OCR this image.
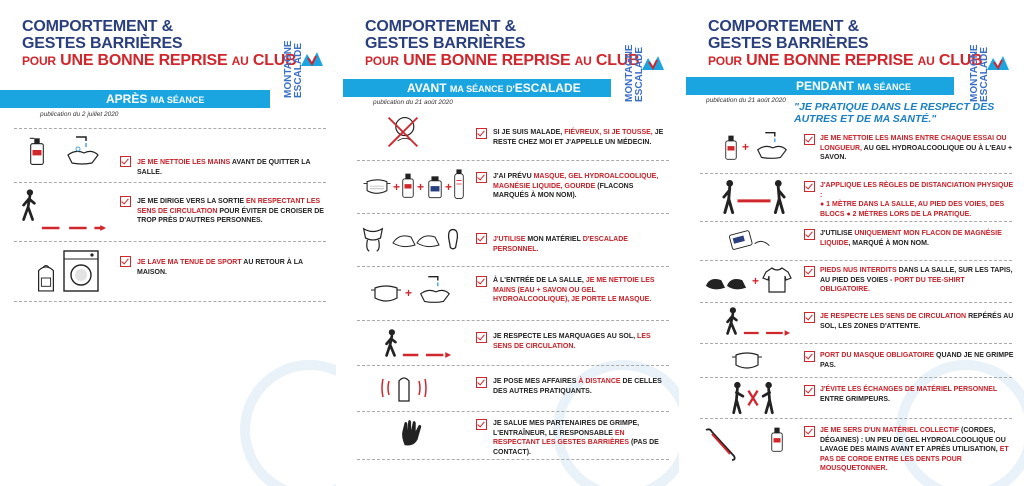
COMPORTEMENT &
GESTES BARRIÈRES
POUR UNE BONNE REPRISE AU CLUB
MONTAGNE ESCALADE
APRÈS MA SÉANCE
publication du 2 juillet 2020
JE ME NETTOIE LES MAINS AVANT DE QUITTER LA SALLE.
JE ME DIRIGE VERS LA SORTIE EN RESPECTANT LES SENS DE CIRCULATION POUR ÉVITER DE CROISER DE TROP PRÈS D'AUTRES PERSONNES.
JE LAVE MA TENUE DE SPORT AU RETOUR À LA MAISON.
COMPORTEMENT &
GESTES BARRIÈRES
POUR UNE BONNE REPRISE AU CLUB
MONTAGNE ESCALADE
AVANT MA SÉANCE D'ESCALADE
publication du 21 août 2020
SI JE SUIS MALADE, FIÉVREUX, SI JE TOUSSE, JE RESTE CHEZ MOI ET J'APPELLE UN MÉDECIN.
+ + +
J'AI PRÉVU MASQUE, GEL HYDROALCOOLIQUE, MAGNÉSIE LIQUIDE, GOURDE (FLACONS MARQUÉS À MON NOM).
J'UTILISE MON MATÉRIEL D'ESCALADE PERSONNEL.
+
À L'ENTRÉE DE LA SALLE, JE ME NETTOIE LES MAINS (EAU + SAVON OU GEL HYDROALCOOLIQUE), JE PORTE LE MASQUE.
JE RESPECTE LES MARQUAGES AU SOL, LES SENS DE CIRCULATION.
JE POSE MES AFFAIRES À DISTANCE DE CELLES DES AUTRES PRATIQUANTS.
JE SALUE MES PARTENAIRES DE GRIMPE, L'ENTRAÎNEUR, LE RESPONSABLE EN RESPECTANT LES GESTES BARRIÈRES (PAS DE CONTACT).
COMPORTEMENT &
GESTES BARRIÈRES
POUR UNE BONNE REPRISE AU CLUB
MONTAGNE ESCALADE
PENDANT MA SÉANCE
publication du 21 août 2020
"JE PRATIQUE DANS LE RESPECT DES AUTRES ET DE MA SANTÉ."
+
JE ME NETTOIE LES MAINS ENTRE CHAQUE ESSAI OU LONGUEUR, AU GEL HYDROALCOOLIQUE OU À L'EAU + SAVON.
J'APPLIQUE LES RÈGLES DE DISTANCIATION PHYSIQUE :
● 1 MÈTRE DANS LA SALLE, AU PIED DES VOIES, DES BLOCS ● 2 MÈTRES LORS DE LA PRATIQUE.
J'UTILISE UNIQUEMENT MON FLACON DE MAGNÉSIE LIQUIDE, MARQUÉ À MON NOM.
+
PIEDS NUS INTERDITS DANS LA SALLE, SUR LES TAPIS, AU PIED DES VOIES - PORT DU TEE-SHIRT OBLIGATOIRE.
JE RESPECTE LES SENS DE CIRCULATION REPÉRÉS AU SOL, LES ZONES D'ATTENTE.
PORT DU MASQUE OBLIGATOIRE QUAND JE NE GRIMPE PAS.
J'ÉVITE LES ÉCHANGES DE MATÉRIEL PERSONNEL ENTRE GRIMPEURS.
JE ME SERS D'UN MATÉRIEL COLLECTIF (CORDES, DÉGAINES) : UN PEU DE GEL HYDROALCOOLIQUE OU LAVAGE DES MAINS AVANT ET APRÈS UTILISATION, ET PAS DE CORDE ENTRE LES DENTS POUR MOUSQUETONNER.
